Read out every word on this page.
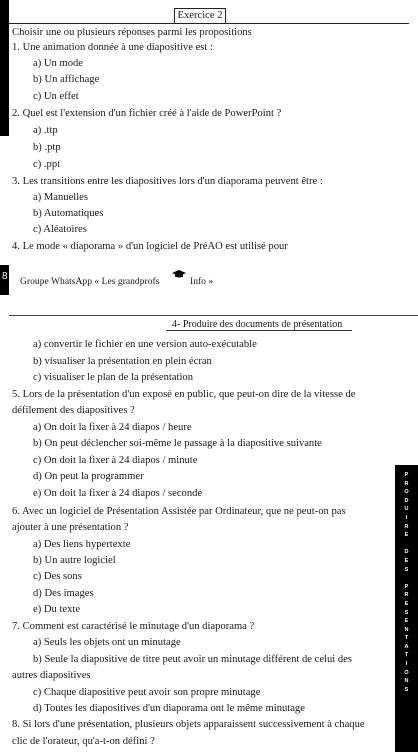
Exercice 2
Choisir une ou plusieurs réponses parmi les propositions
1. Une animation donnée à une diapositive est :
a) Un mode
b) Un affichage
c) Un effet
2. Quel est l'extension d'un fichier créé à l'aide de PowerPoint ?
a) .ttp
b) .ptp
c) .ppt
3. Les transitions entre les diapositives lors d'un diaporama peuvent être :
a) Manuelles
b) Automatiques
c) Aléatoires
4. Le mode « diaporama » d'un logiciel de PréAO est utilisé pour
8 Groupe WhatsApp « Les grandprofs	Info »
4- Produire des documents de présentation
a) convertir le fichier en une version auto-exécutable
b) visualiser la présentation en plein écran
c) visualiser le plan de la présentation
5. Lors de la présentation d'un exposé en public, que peut-on dire de la vitesse de
défilement des diapositives ?
a) On doit la fixer à 24 diapos / heure
b) On peut déclencher soi-même le passage à la diapositive suivante
c) On doit la fixer à 24 diapos / minute
d) On peut la programmer
e) On doit la fixer à 24 diapos / seconde
6. Avec un logiciel de Présentation Assistée par Ordinateur, que ne peut-on pas
ajouter à une présentation ?
a) Des liens hypertexte
b) Un autre logiciel
c) Des sons
d) Des images
e) Du texte
7. Comment est caractérisé le minutage d'un diaporama ?
a) Seuls les objets ont un minutage
b) Seule la diapositive de titre peut avoir un minutage différent de celui des
autres diapositives
c) Chaque diapositive peut avoir son propre minutage
d) Toutes les diapositives d'un diaporama ont le même minutage
8. Si lors d'une présentation, plusieurs objets apparaissent successivement à chaque
clic de l'orateur, qu'a-t-on défini ?
P
R
O
D
U
I
R
E
D
E
S
P
R
E
S
E
N
T
A
T
I
O
N
S
